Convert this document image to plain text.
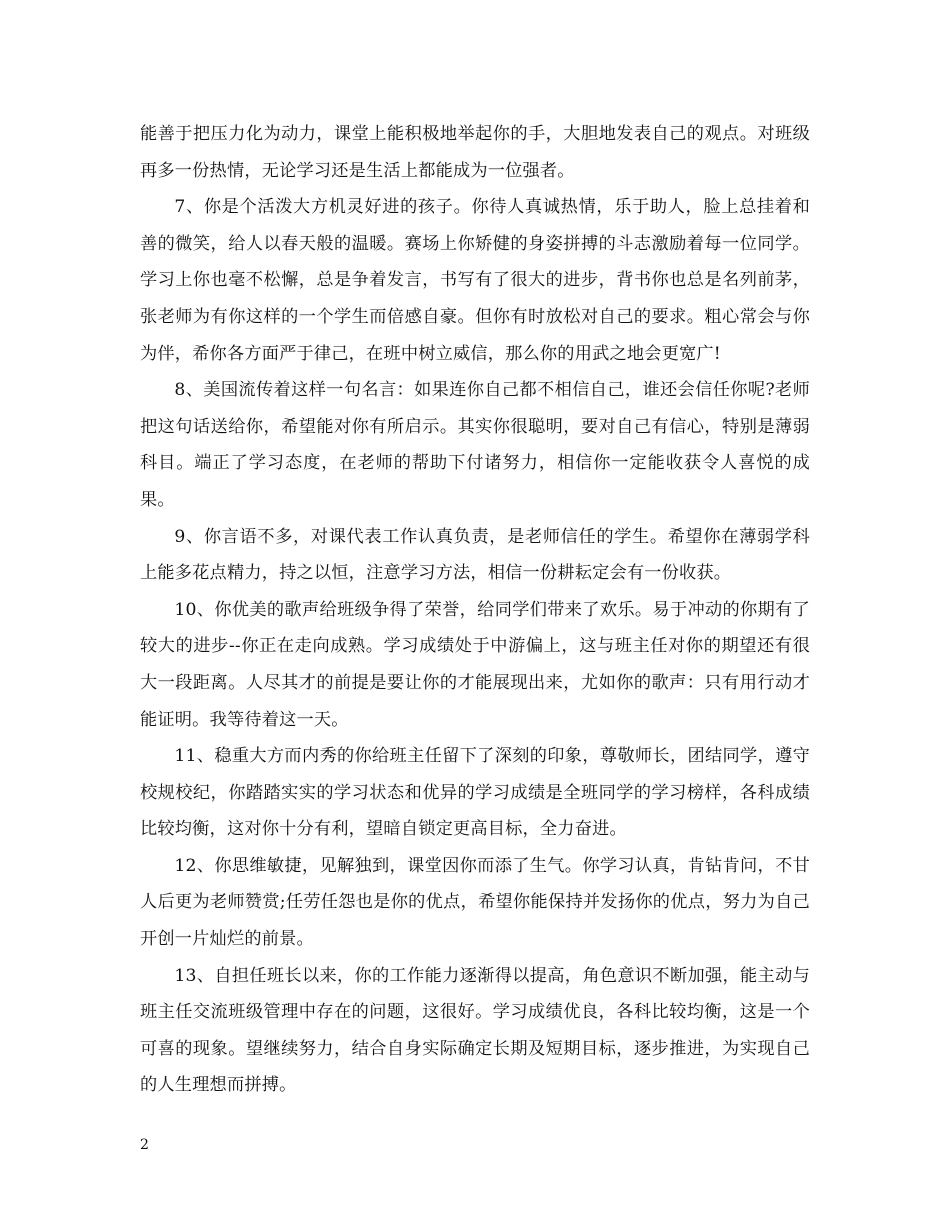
能善于把压力化为动力，课堂上能积极地举起你的手，大胆地发表自己的观点。对班级再多一份热情，无论学习还是生活上都能成为一位强者。

7、你是个活泼大方机灵好进的孩子。你待人真诚热情，乐于助人，脸上总挂着和善的微笑，给人以春天般的温暖。赛场上你矫健的身姿拼搏的斗志激励着每一位同学。学习上你也毫不松懈，总是争着发言，书写有了很大的进步，背书你也总是名列前茅，张老师为有你这样的一个学生而倍感自豪。但你有时放松对自己的要求。粗心常会与你为伴，希你各方面严于律己，在班中树立威信，那么你的用武之地会更宽广!

8、美国流传着这样一句名言：如果连你自己都不相信自己，谁还会信任你呢?老师把这句话送给你，希望能对你有所启示。其实你很聪明，要对自己有信心，特别是薄弱科目。端正了学习态度，在老师的帮助下付诸努力，相信你一定能收获令人喜悦的成果。

9、你言语不多，对课代表工作认真负责，是老师信任的学生。希望你在薄弱学科上能多花点精力，持之以恒，注意学习方法，相信一份耕耘定会有一份收获。

10、你优美的歌声给班级争得了荣誉，给同学们带来了欢乐。易于冲动的你期有了较大的进步--你正在走向成熟。学习成绩处于中游偏上，这与班主任对你的期望还有很大一段距离。人尽其才的前提是要让你的才能展现出来，尤如你的歌声：只有用行动才能证明。我等待着这一天。

11、稳重大方而内秀的你给班主任留下了深刻的印象，尊敬师长，团结同学，遵守校规校纪，你踏踏实实的学习状态和优异的学习成绩是全班同学的学习榜样，各科成绩比较均衡，这对你十分有利，望暗自锁定更高目标，全力奋进。

12、你思维敏捷，见解独到，课堂因你而添了生气。你学习认真，肯钻肯问，不甘人后更为老师赞赏;任劳任怨也是你的优点，希望你能保持并发扬你的优点，努力为自己开创一片灿烂的前景。

13、自担任班长以来，你的工作能力逐渐得以提高，角色意识不断加强，能主动与班主任交流班级管理中存在的问题，这很好。学习成绩优良，各科比较均衡，这是一个可喜的现象。望继续努力，结合自身实际确定长期及短期目标，逐步推进，为实现自己的人生理想而拼搏。

2
